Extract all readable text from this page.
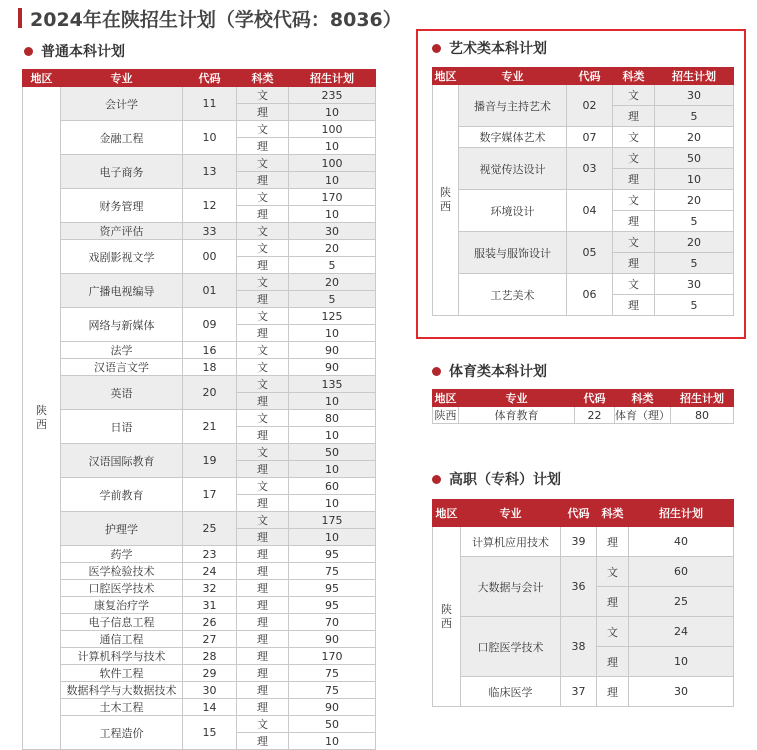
2024年在陕招生计划（学校代码：8036）
普通本科计划
地区	专业	代码	科类	招生计划
陕西	会计学	11	文	235
			理	10
	金融工程	10	文	100
			理	10
	电子商务	13	文	100
			理	10
	财务管理	12	文	170
			理	10
	资产评估	33	文	30
	戏剧影视文学	00	文	20
			理	5
	广播电视编导	01	文	20
			理	5
	网络与新媒体	09	文	125
			理	10
	法学	16	文	90
	汉语言文学	18	文	90
	英语	20	文	135
			理	10
	日语	21	文	80
			理	10
	汉语国际教育	19	文	50
			理	10
	学前教育	17	文	60
			理	10
	护理学	25	文	175
			理	10
	药学	23	理	95
	医学检验技术	24	理	75
	口腔医学技术	32	理	95
	康复治疗学	31	理	95
	电子信息工程	26	理	70
	通信工程	27	理	90
	计算机科学与技术	28	理	170
	软件工程	29	理	75
	数据科学与大数据技术	30	理	75
	土木工程	14	理	90
	工程造价	15	文	50
			理	10
艺术类本科计划
地区	专业	代码	科类	招生计划
陕西	播音与主持艺术	02	文	30
			理	5
	数字媒体艺术	07	文	20
	视觉传达设计	03	文	50
			理	10
	环境设计	04	文	20
			理	5
	服装与服饰设计	05	文	20
			理	5
	工艺美术	06	文	30
			理	5
体育类本科计划
地区	专业	代码	科类	招生计划
陕西	体育教育	22	体育（理）	80
高职（专科）计划
地区	专业	代码	科类	招生计划
陕西	计算机应用技术	39	理	40
	大数据与会计	36	文	60
			理	25
	口腔医学技术	38	文	24
			理	10
	临床医学	37	理	30
